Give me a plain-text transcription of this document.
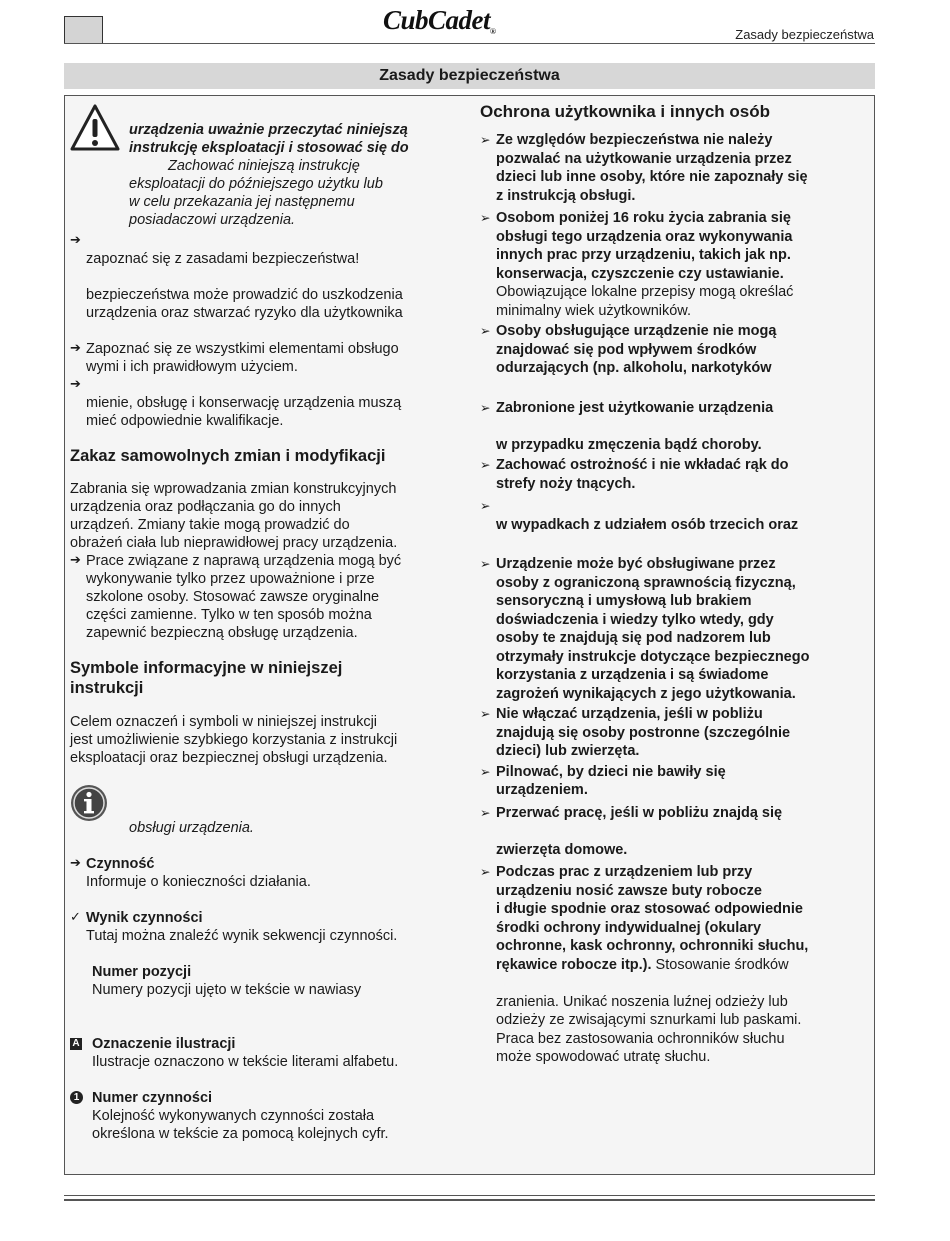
CubCadet®	Zasady bezpieczeństwa
Zasady bezpieczeństwa

urządzenia uważnie przeczytać niniejszą

instrukcję eksploatacji i stosować się do

Zachować niniejszą instrukcję

eksploatacji do późniejszego użytku lub

w celu przekazania jej następnemu

posiadaczowi urządzenia.

➔

zapoznać się z zasadami bezpieczeństwa!

bezpieczeństwa może prowadzić do uszkodzenia

urządzenia oraz stwarzać ryzyko dla użytkownika

➔ Zapoznać się ze wszystkimi elementami obsługo

wymi i ich prawidłowym użyciem.

➔

mienie, obsługę i konserwację urządzenia muszą

mieć odpowiednie kwalifikacje.

Zakaz samowolnych zmian i modyfikacji

Zabrania się wprowadzania zmian konstrukcyjnych

urządzenia oraz podłączania go do innych

urządzeń. Zmiany takie mogą prowadzić do

obrażeń ciała lub nieprawidłowej pracy urządzenia.

➔ Prace związane z naprawą urządzenia mogą być

wykonywanie tylko przez upoważnione i prze

szkolone osoby. Stosować zawsze oryginalne

części zamienne. Tylko w ten sposób można

zapewnić bezpieczną obsługę urządzenia.

Symbole informacyjne w niniejszej
instrukcji

Celem oznaczeń i symboli w niniejszej instrukcji

jest umożliwienie szybkiego korzystania z instrukcji

eksploatacji oraz bezpiecznej obsługi urządzenia.

obsługi urządzenia.

➔ Czynność

Informuje o konieczności działania.

✓ Wynik czynności

Tutaj można znaleźć wynik sekwencji czynności.

Numer pozycji

Numery pozycji ujęto w tekście w nawiasy

A Oznaczenie ilustracji

Ilustracje oznaczono w tekście literami alfabetu.

1 Numer czynności

Kolejność wykonywanych czynności została

określona w tekście za pomocą kolejnych cyfr.

Ochrona użytkownika i innych osób
➢ Ze względów bezpieczeństwa nie należy
pozwalać na użytkowanie urządzenia przez
dzieci lub inne osoby, które nie zapoznały się
z instrukcją obsługi.
➢ Osobom poniżej 16 roku życia zabrania się
obsługi tego urządzenia oraz wykonywania
innych prac przy urządzeniu, takich jak np.
konserwacja, czyszczenie czy ustawianie.
Obowiązujące lokalne przepisy mogą określać
minimalny wiek użytkowników.
➢ Osoby obsługujące urządzenie nie mogą
znajdować się pod wpływem środków
odurzających (np. alkoholu, narkotyków
➢ Zabronione jest użytkowanie urządzenia
w przypadku zmęczenia bądź choroby.
➢ Zachować ostrożność i nie wkładać rąk do
strefy noży tnących.
➢
w wypadkach z udziałem osób trzecich oraz
➢ Urządzenie może być obsługiwane przez
osoby z ograniczoną sprawnością fizyczną,
sensoryczną i umysłową lub brakiem
doświadczenia i wiedzy tylko wtedy, gdy
osoby te znajdują się pod nadzorem lub
otrzymały instrukcje dotyczące bezpiecznego
korzystania z urządzenia i są świadome
zagrożeń wynikających z jego użytkowania.
➢ Nie włączać urządzenia, jeśli w pobliżu
znajdują się osoby postronne (szczególnie
dzieci) lub zwierzęta.
➢ Pilnować, by dzieci nie bawiły się
urządzeniem.
➢ Przerwać pracę, jeśli w pobliżu znajdą się
zwierzęta domowe.
➢ Podczas prac z urządzeniem lub przy
urządzeniu nosić zawsze buty robocze
i długie spodnie oraz stosować odpowiednie
środki ochrony indywidualnej (okulary
ochronne, kask ochronny, ochronniki słuchu,
rękawice robocze itp.). Stosowanie środków
zranienia. Unikać noszenia luźnej odzieży lub
odzieży ze zwisającymi sznurkami lub paskami.
Praca bez zastosowania ochronników słuchu
może spowodować utratę słuchu.
